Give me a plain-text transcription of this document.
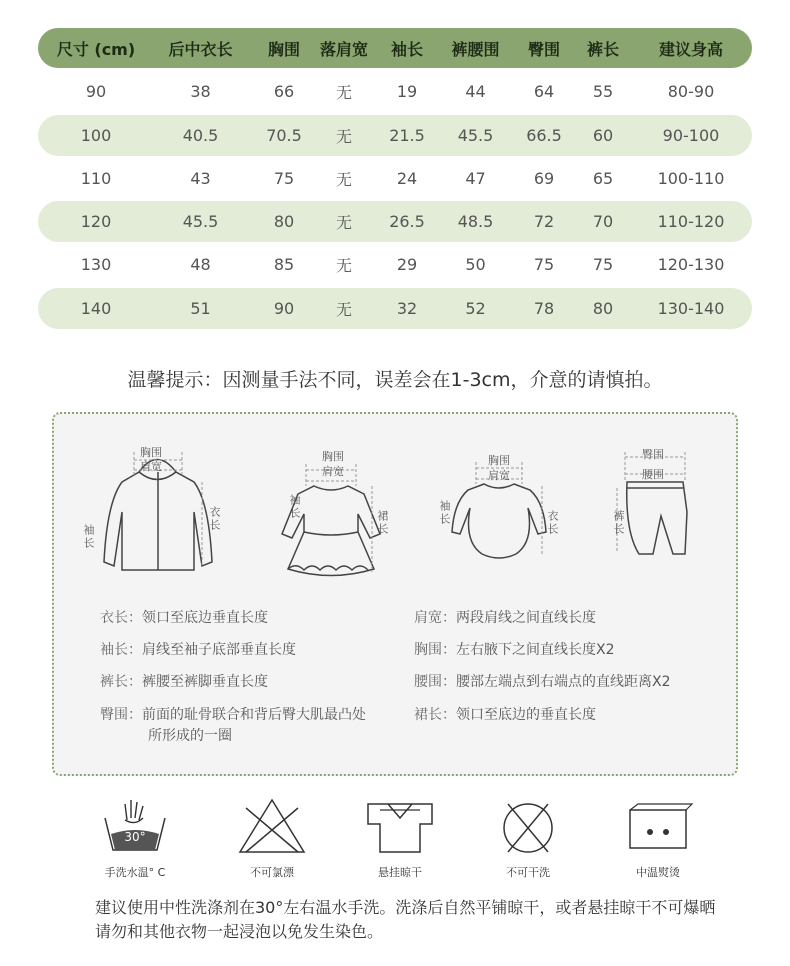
尺寸 (cm)	后中衣长	胸围	落肩宽	袖长	裤腰围	臀围	裤长	建议身高
90	38	66	无	19	44	64	55	80-90
100	40.5	70.5	无	21.5	45.5	66.5	60	90-100
110	43	75	无	24	47	69	65	100-110
120	45.5	80	无	26.5	48.5	72	70	110-120
130	48	85	无	29	50	75	75	120-130
140	51	90	无	32	52	78	80	130-140
温馨提示：因测量手法不同，误差会在1-3cm，介意的请慎拍。
胸围
肩宽
袖长
衣长
胸围
肩宽
袖长
裙长
胸围
肩宽
袖长	衣长
臀围
腰围
裤长
衣长：领口至底边垂直长度
袖长：肩线至袖子底部垂直长度
裤长：裤腰至裤脚垂直长度
臀围：前面的耻骨联合和背后臀大肌最凸处
所形成的一圈
肩宽：两段肩线之间直线长度
胸围：左右腋下之间直线长度X2
腰围：腰部左端点到右端点的直线距离X2
裙长：领口至底边的垂直长度
30°
手洗水温° C	不可氯漂	悬挂晾干	不可干洗	中温熨烫
建议使用中性洗涤剂在30°左右温水手洗。洗涤后自然平铺晾干，或者悬挂晾干不可爆晒请勿和其他衣物一起浸泡以免发生染色。
